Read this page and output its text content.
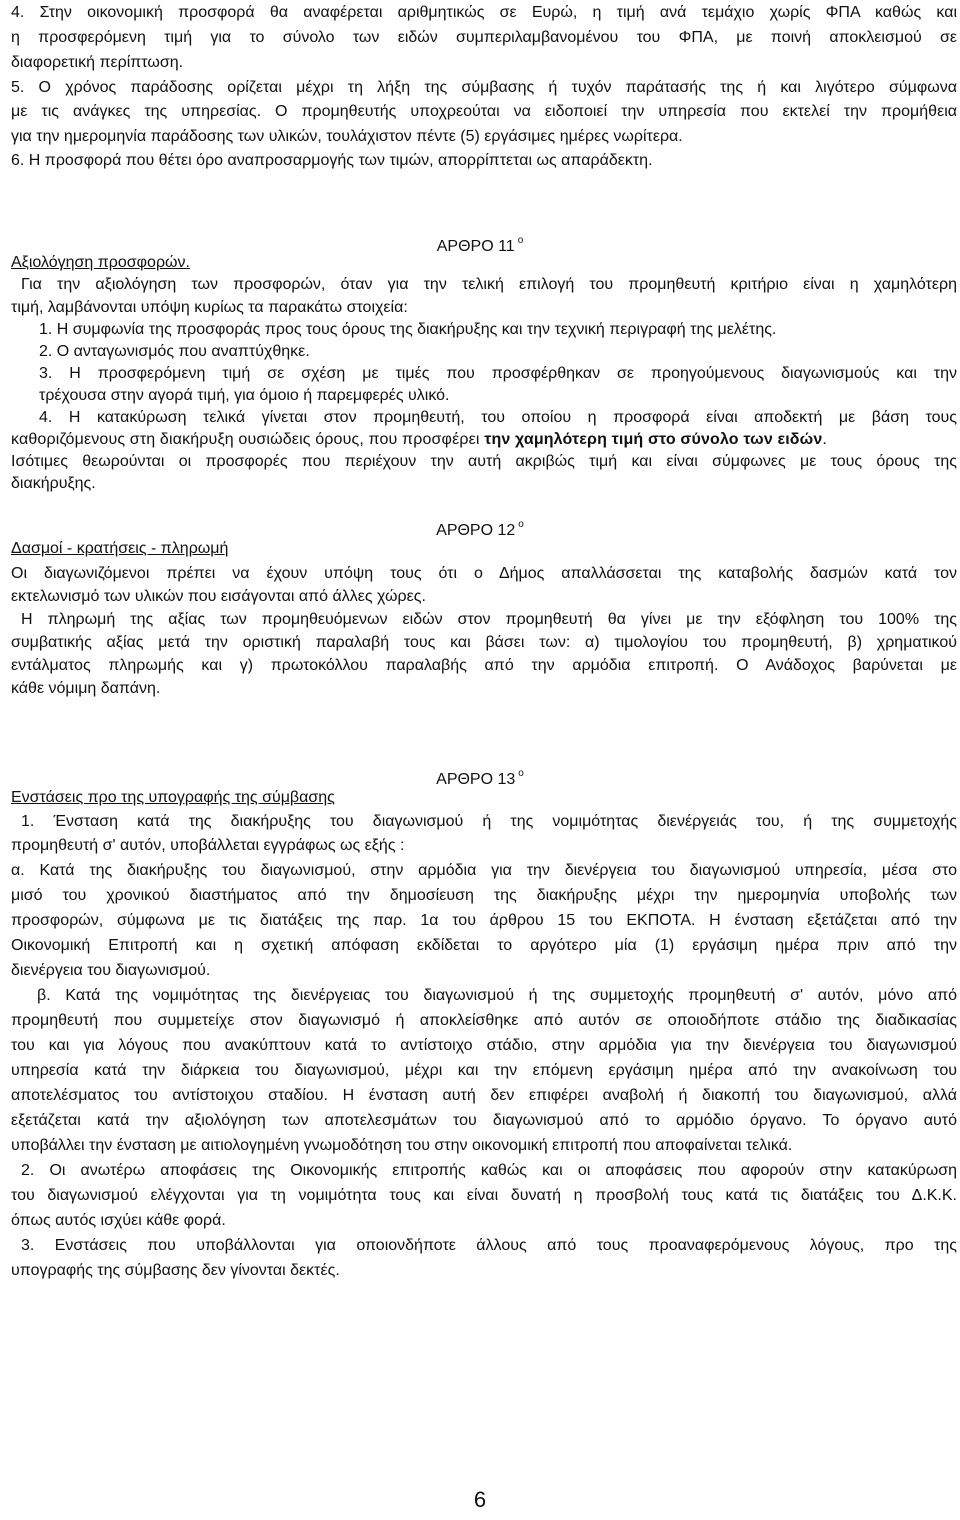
4. Στην οικονομική προσφορά θα αναφέρεται αριθμητικώς σε Ευρώ, η τιμή ανά τεμάχιο χωρίς ΦΠΑ καθώς και
η προσφερόμενη τιμή για το σύνολο των ειδών συμπεριλαμβανομένου του ΦΠΑ, με ποινή αποκλεισμού σε
διαφορετική περίπτωση.
5. Ο χρόνος παράδοσης ορίζεται μέχρι τη λήξη της σύμβασης ή τυχόν παράτασής της ή και λιγότερο σύμφωνα
με τις ανάγκες της υπηρεσίας. Ο προμηθευτής υποχρεούται να ειδοποιεί την υπηρεσία που εκτελεί την προμήθεια
για την ημερομηνία παράδοσης των υλικών, τουλάχιστον πέντε (5) εργάσιμες ημέρες νωρίτερα.
6. Η προσφορά που θέτει όρο αναπροσαρμογής των τιμών, απορρίπτεται ως απαράδεκτη.
ΑΡΘΡΟ 11 $^o$
Αξιολόγηση προσφορών.
Για την αξιολόγηση των προσφορών, όταν για την τελική επιλογή του προμηθευτή κριτήριο είναι η χαμηλότερη
τιμή, λαμβάνονται υπόψη κυρίως τα παρακάτω στοιχεία:
1. Η συμφωνία της προσφοράς προς τους όρους της διακήρυξης και την τεχνική περιγραφή της μελέτης.
2. Ο ανταγωνισμός που αναπτύχθηκε.
3. Η προσφερόμενη τιμή σε σχέση με τιμές που προσφέρθηκαν σε προηγούμενους διαγωνισμούς και την
τρέχουσα στην αγορά τιμή, για όμοιο ή παρεμφερές υλικό.
4. Η κατακύρωση τελικά γίνεται στον προμηθευτή, του οποίου η προσφορά είναι αποδεκτή με βάση τους
καθοριζόμενους στη διακήρυξη ουσιώδεις όρους, που προσφέρει την χαμηλότερη τιμή στο σύνολο των ειδών.
Ισότιμες θεωρούνται οι προσφορές που περιέχουν την αυτή ακριβώς τιμή και είναι σύμφωνες με τους όρους της
διακήρυξης.
ΑΡΘΡΟ 12 $^o$
Δασμοί - κρατήσεις - πληρωμή
Οι διαγωνιζόμενοι πρέπει να έχουν υπόψη τους ότι ο Δήμος απαλλάσσεται της καταβολής δασμών κατά τον
εκτελωνισμό των υλικών που εισάγονται από άλλες χώρες.
Η πληρωμή της αξίας των προμηθευόμενων ειδών στον προμηθευτή θα γίνει με την εξόφληση του 100% της
συμβατικής αξίας μετά την οριστική παραλαβή τους και βάσει των: α) τιμολογίου του προμηθευτή, β) χρηματικού
εντάλματος πληρωμής και γ) πρωτοκόλλου παραλαβής από την αρμόδια επιτροπή. Ο Ανάδοχος βαρύνεται με
κάθε νόμιμη δαπάνη.
ΑΡΘΡΟ 13 $^o$
Ενστάσεις προ της υπογραφής της σύμβασης
1. Ένσταση κατά της διακήρυξης του διαγωνισμού ή της νομιμότητας διενέργειάς του, ή της συμμετοχής
προμηθευτή σ' αυτόν, υποβάλλεται εγγράφως ως εξής :
α. Κατά της διακήρυξης του διαγωνισμού, στην αρμόδια για την διενέργεια του διαγωνισμού υπηρεσία, μέσα στο
μισό του χρονικού διαστήματος από την δημοσίευση της διακήρυξης μέχρι την ημερομηνία υποβολής των
προσφορών, σύμφωνα με τις διατάξεις της παρ. 1α του άρθρου 15 του ΕΚΠΟΤΑ. Η ένσταση εξετάζεται από την
Οικονομική Επιτροπή και η σχετική απόφαση εκδίδεται το αργότερο μία (1) εργάσιμη ημέρα πριν από την
διενέργεια του διαγωνισμού.
β. Κατά της νομιμότητας της διενέργειας του διαγωνισμού ή της συμμετοχής προμηθευτή σ' αυτόν, μόνο από
προμηθευτή που συμμετείχε στον διαγωνισμό ή αποκλείσθηκε από αυτόν σε οποιοδήποτε στάδιο της διαδικασίας
του και για λόγους που ανακύπτουν κατά το αντίστοιχο στάδιο, στην αρμόδια για την διενέργεια του διαγωνισμού
υπηρεσία κατά την διάρκεια του διαγωνισμού, μέχρι και την επόμενη εργάσιμη ημέρα από την ανακοίνωση του
αποτελέσματος του αντίστοιχου σταδίου. Η ένσταση αυτή δεν επιφέρει αναβολή ή διακοπή του διαγωνισμού, αλλά
εξετάζεται κατά την αξιολόγηση των αποτελεσμάτων του διαγωνισμού από το αρμόδιο όργανο. Το όργανο αυτό
υποβάλλει την ένσταση με αιτιολογημένη γνωμοδότηση του στην οικονομική επιτροπή που αποφαίνεται τελικά.
2. Οι ανωτέρω αποφάσεις της Οικονομικής επιτροπής καθώς και οι αποφάσεις που αφορούν στην κατακύρωση
του διαγωνισμού ελέγχονται για τη νομιμότητα τους και είναι δυνατή η προσβολή τους κατά τις διατάξεις του Δ.Κ.Κ.
όπως αυτός ισχύει κάθε φορά.
3. Ενστάσεις που υποβάλλονται για οποιονδήποτε άλλους από τους προαναφερόμενους λόγους, προ της
υπογραφής της σύμβασης δεν γίνονται δεκτές.
6
